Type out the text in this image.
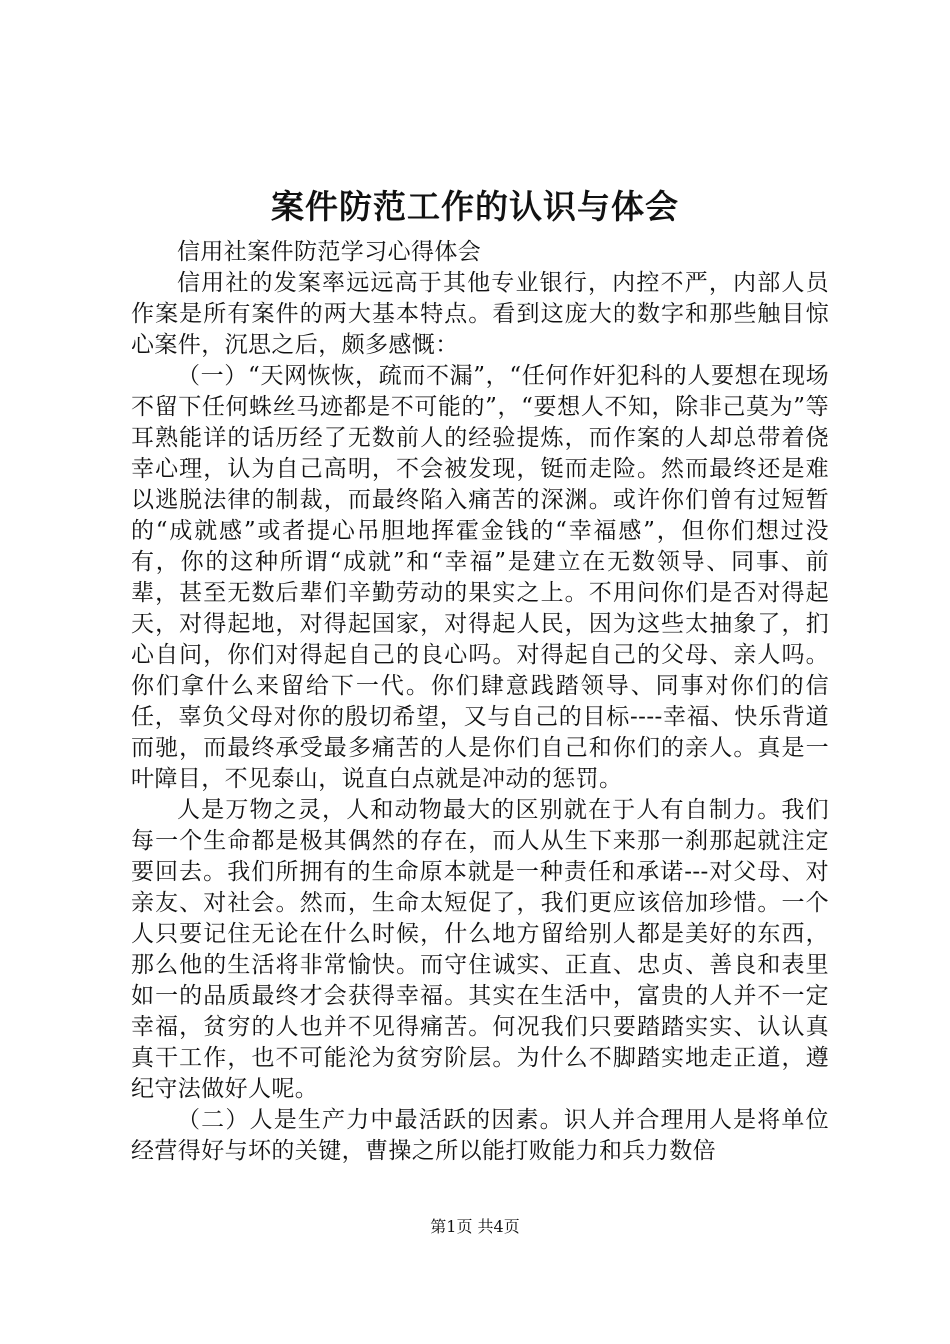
案件防范工作的认识与体会

信用社案件防范学习心得体会

信用社的发案率远远高于其他专业银行，内控不严，内部人员作案是所有案件的两大基本特点。看到这庞大的数字和那些触目惊心案件，沉思之后，颇多感慨：

（一）“天网恢恢，疏而不漏”，“任何作奸犯科的人要想在现场不留下任何蛛丝马迹都是不可能的”，“要想人不知，除非己莫为”等耳熟能详的话历经了无数前人的经验提炼，而作案的人却总带着侥幸心理，认为自己高明，不会被发现，铤而走险。然而最终还是难以逃脱法律的制裁，而最终陷入痛苦的深渊。或许你们曾有过短暂的“成就感”或者提心吊胆地挥霍金钱的“幸福感”，但你们想过没有，你的这种所谓“成就”和“幸福”是建立在无数领导、同事、前辈，甚至无数后辈们辛勤劳动的果实之上。不用问你们是否对得起天，对得起地，对得起国家，对得起人民，因为这些太抽象了，扪心自问，你们对得起自己的良心吗。对得起自己的父母、亲人吗。你们拿什么来留给下一代。你们肆意践踏领导、同事对你们的信任，辜负父母对你的殷切希望，又与自己的目标----幸福、快乐背道而驰，而最终承受最多痛苦的人是你们自己和你们的亲人。真是一叶障目，不见泰山，说直白点就是冲动的惩罚。

人是万物之灵，人和动物最大的区别就在于人有自制力。我们每一个生命都是极其偶然的存在，而人从生下来那一刹那起就注定要回去。我们所拥有的生命原本就是一种责任和承诺---对父母、对亲友、对社会。然而，生命太短促了，我们更应该倍加珍惜。一个人只要记住无论在什么时候，什么地方留给别人都是美好的东西，那么他的生活将非常愉快。而守住诚实、正直、忠贞、善良和表里如一的品质最终才会获得幸福。其实在生活中，富贵的人并不一定幸福，贫穷的人也并不见得痛苦。何况我们只要踏踏实实、认认真真干工作，也不可能沦为贫穷阶层。为什么不脚踏实地走正道，遵纪守法做好人呢。

（二）人是生产力中最活跃的因素。识人并合理用人是将单位经营得好与坏的关键，曹操之所以能打败能力和兵力数倍

第1页 共4页
